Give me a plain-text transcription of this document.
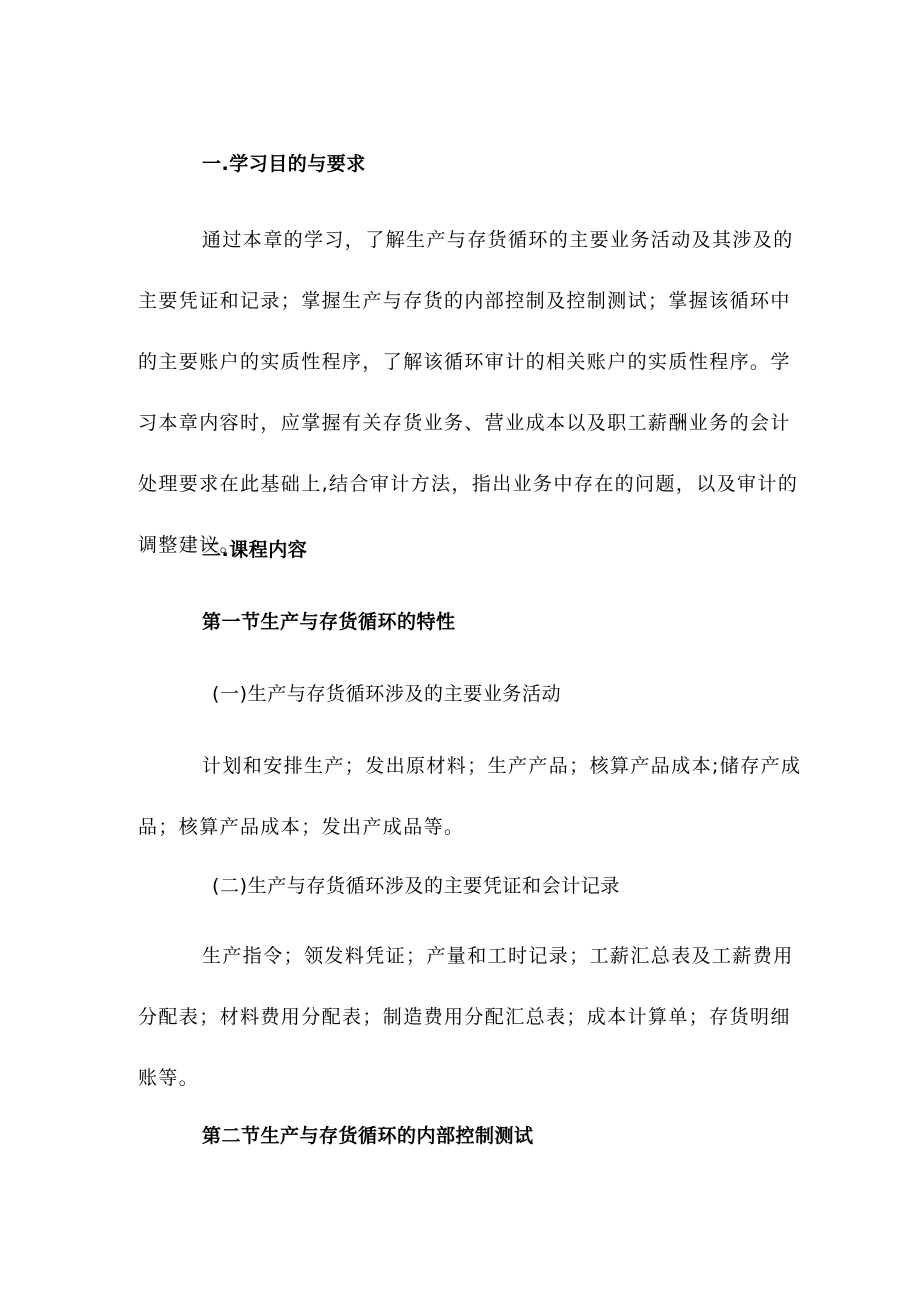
一.学习目的与要求
通过本章的学习，了解生产与存货循环的主要业务活动及其涉及的
主要凭证和记录；掌握生产与存货的内部控制及控制测试；掌握该循环中
的主要账户的实质性程序，了解该循环审计的相关账户的实质性程序。学
习本章内容时，应掌握有关存货业务、营业成本以及职工薪酬业务的会计
处理要求在此基础上,结合审计方法，指出业务中存在的问题，以及审计的
调整建议。
二.课程内容
第一节生产与存货循环的特性
(一)生产与存货循环涉及的主要业务活动
计划和安排生产；发出原材料；生产产品；核算产品成本;储存产成
品；核算产品成本；发出产成品等。
(二)生产与存货循环涉及的主要凭证和会计记录
生产指令；领发料凭证；产量和工时记录；工薪汇总表及工薪费用
分配表；材料费用分配表；制造费用分配汇总表；成本计算单；存货明细
账等。
第二节生产与存货循环的内部控制测试
